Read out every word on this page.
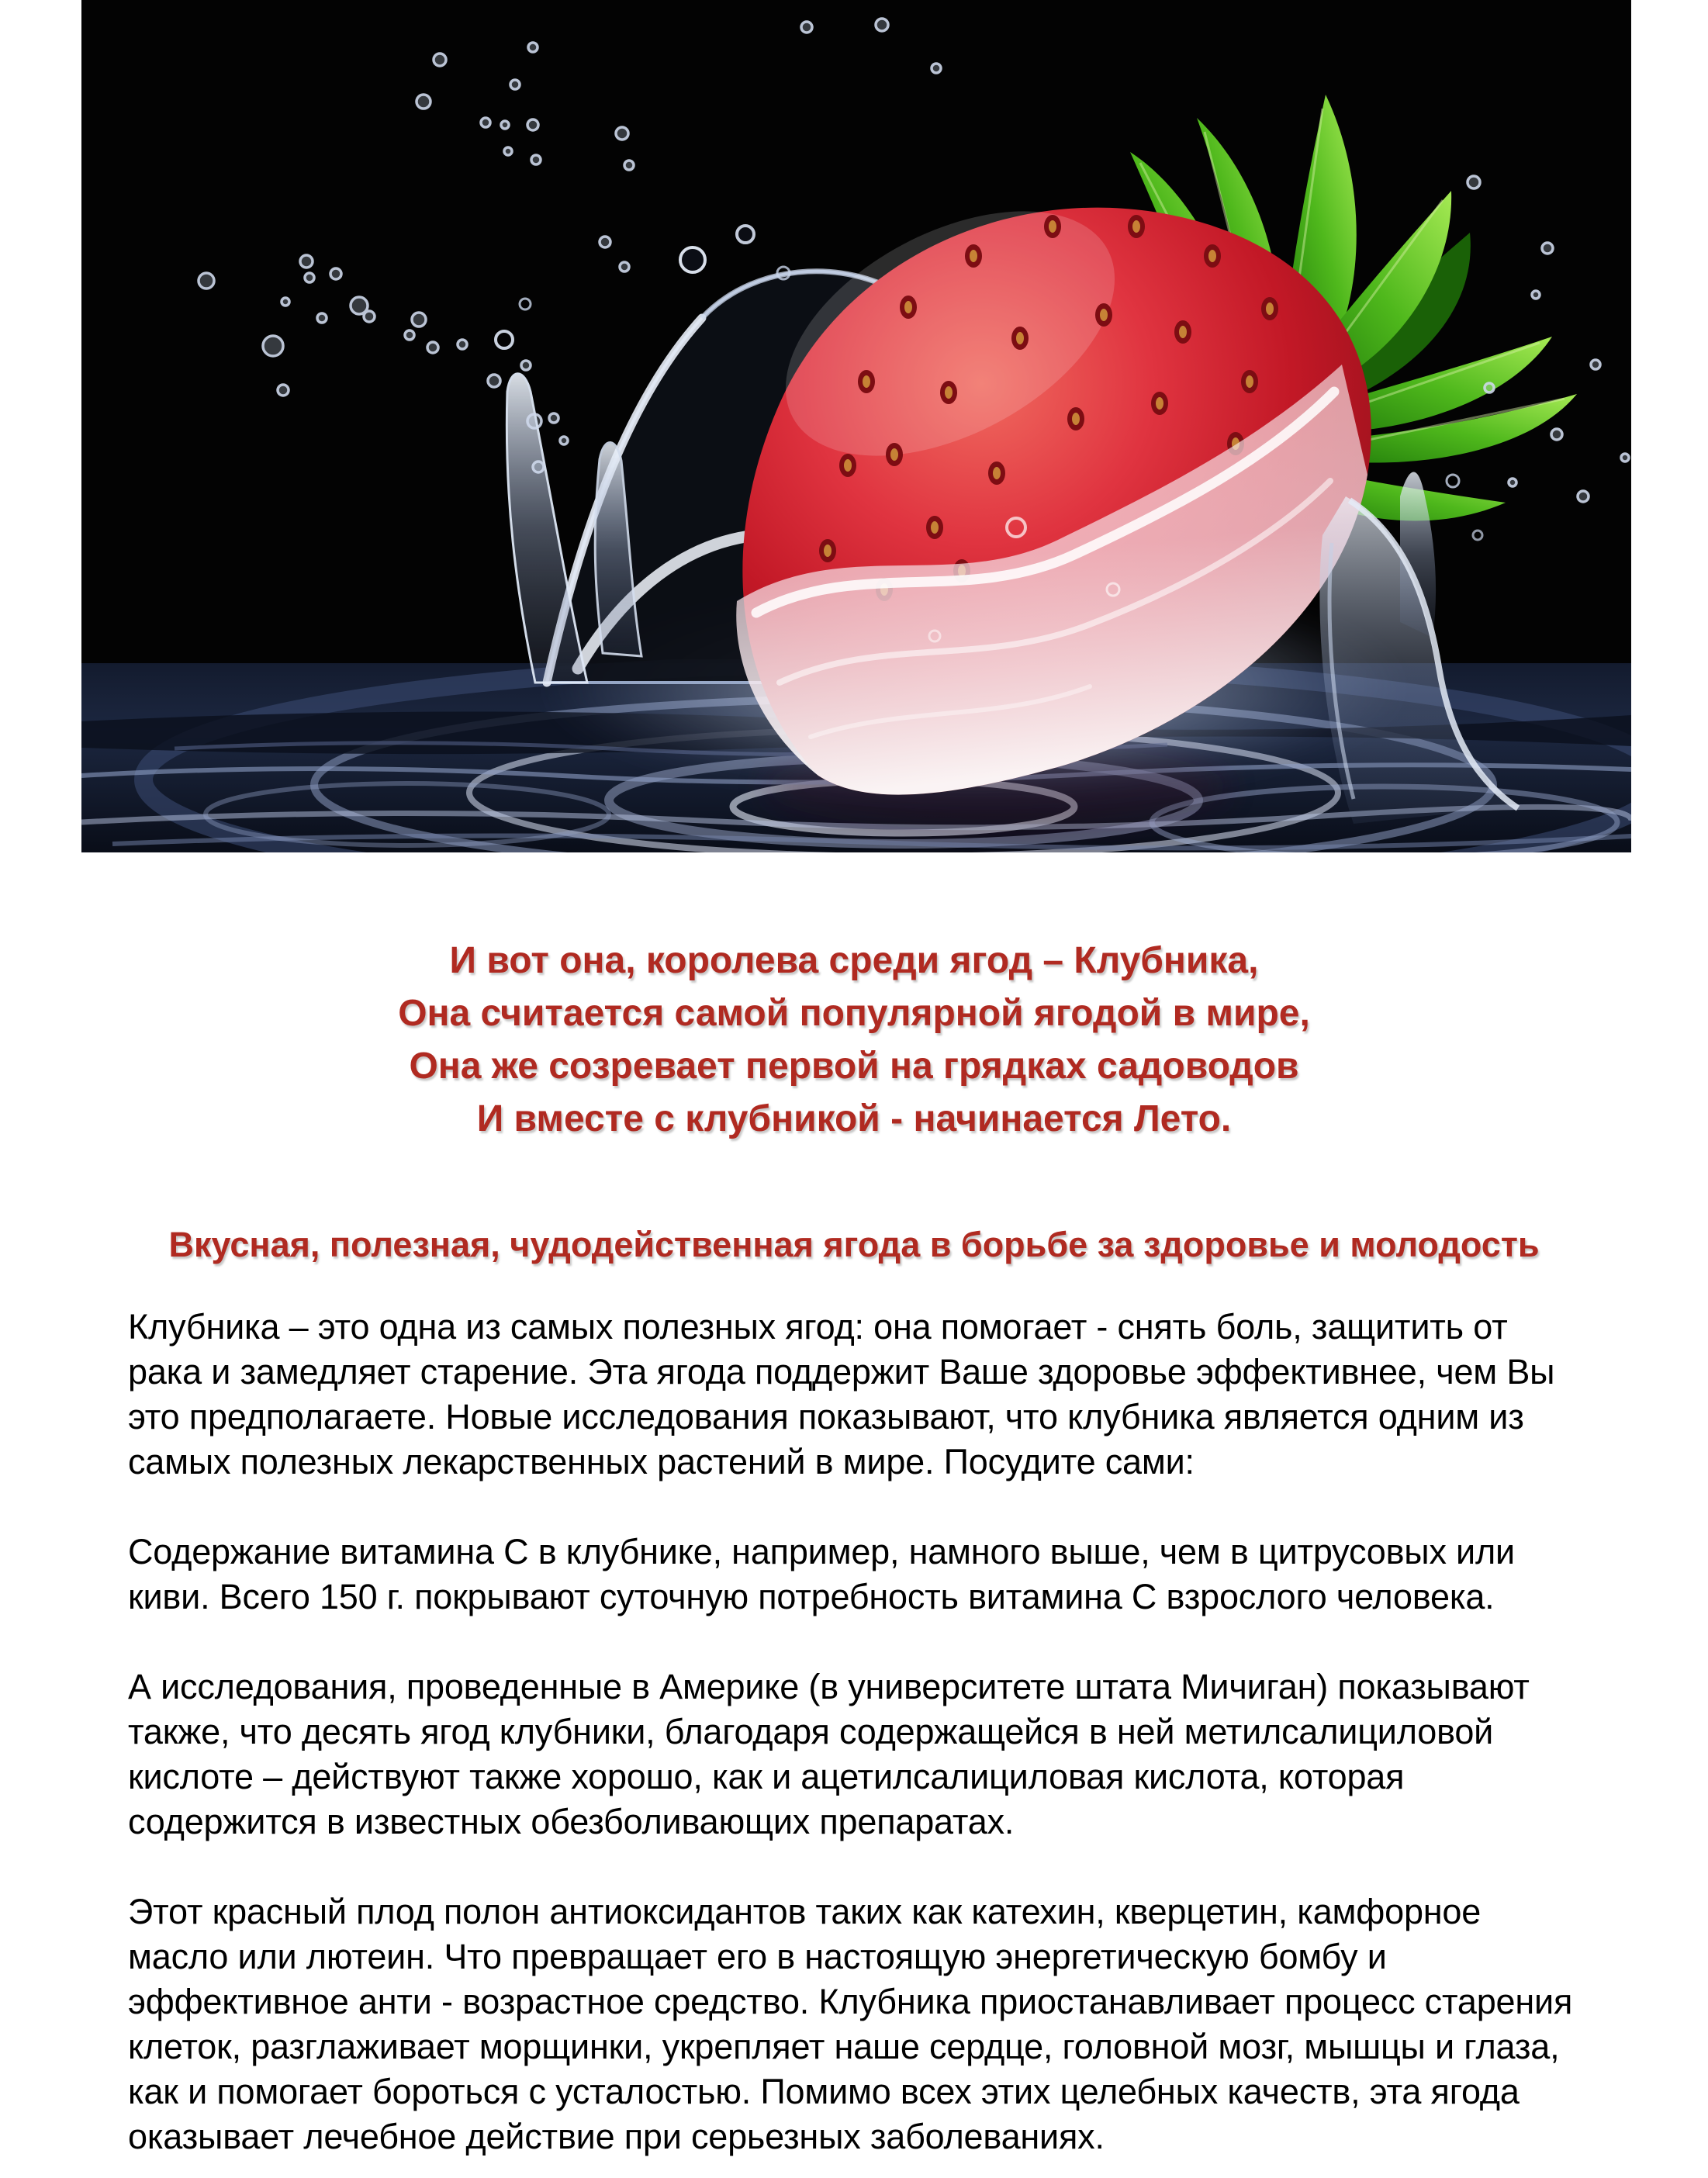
И вот она, королева среди ягод – Клубника,
Она считается самой популярной ягодой в мире,
Она же созревает первой на грядках садоводов
И вместе с клубникой - начинается Лето.
Вкусная, полезная, чудодейственная ягода в борьбе за здоровье и молодость

Клубника – это одна из самых полезных ягод: она помогает - снять боль, защитить от рака и замедляет старение. Эта ягода поддержит Ваше здоровье эффективнее, чем Вы это предполагаете. Новые исследования показывают, что клубника является одним из самых полезных лекарственных растений в мире. Посудите сами:

Содержание витамина С в клубнике, например, намного выше, чем в цитрусовых или киви. Всего 150 г. покрывают суточную потребность витамина С взрослого человека.

А исследования, проведенные в Америке (в университете штата Мичиган) показывают также, что десять ягод клубники, благодаря содержащейся в ней метилсалициловой кислоте – действуют также хорошо, как и ацетилсалициловая кислота, которая содержится в известных обезболивающих препаратах.

Этот красный плод полон антиоксидантов таких как катехин, кверцетин, камфорное масло или лютеин. Что превращает его в настоящую энергетическую бомбу и эффективное анти - возрастное средство. Клубника приостанавливает процесс старения клеток, разглаживает морщинки, укрепляет наше сердце, головной мозг, мышцы и глаза, как и помогает бороться с усталостью. Помимо всех этих целебных качеств, эта ягода оказывает лечебное действие при серьезных заболеваниях.
